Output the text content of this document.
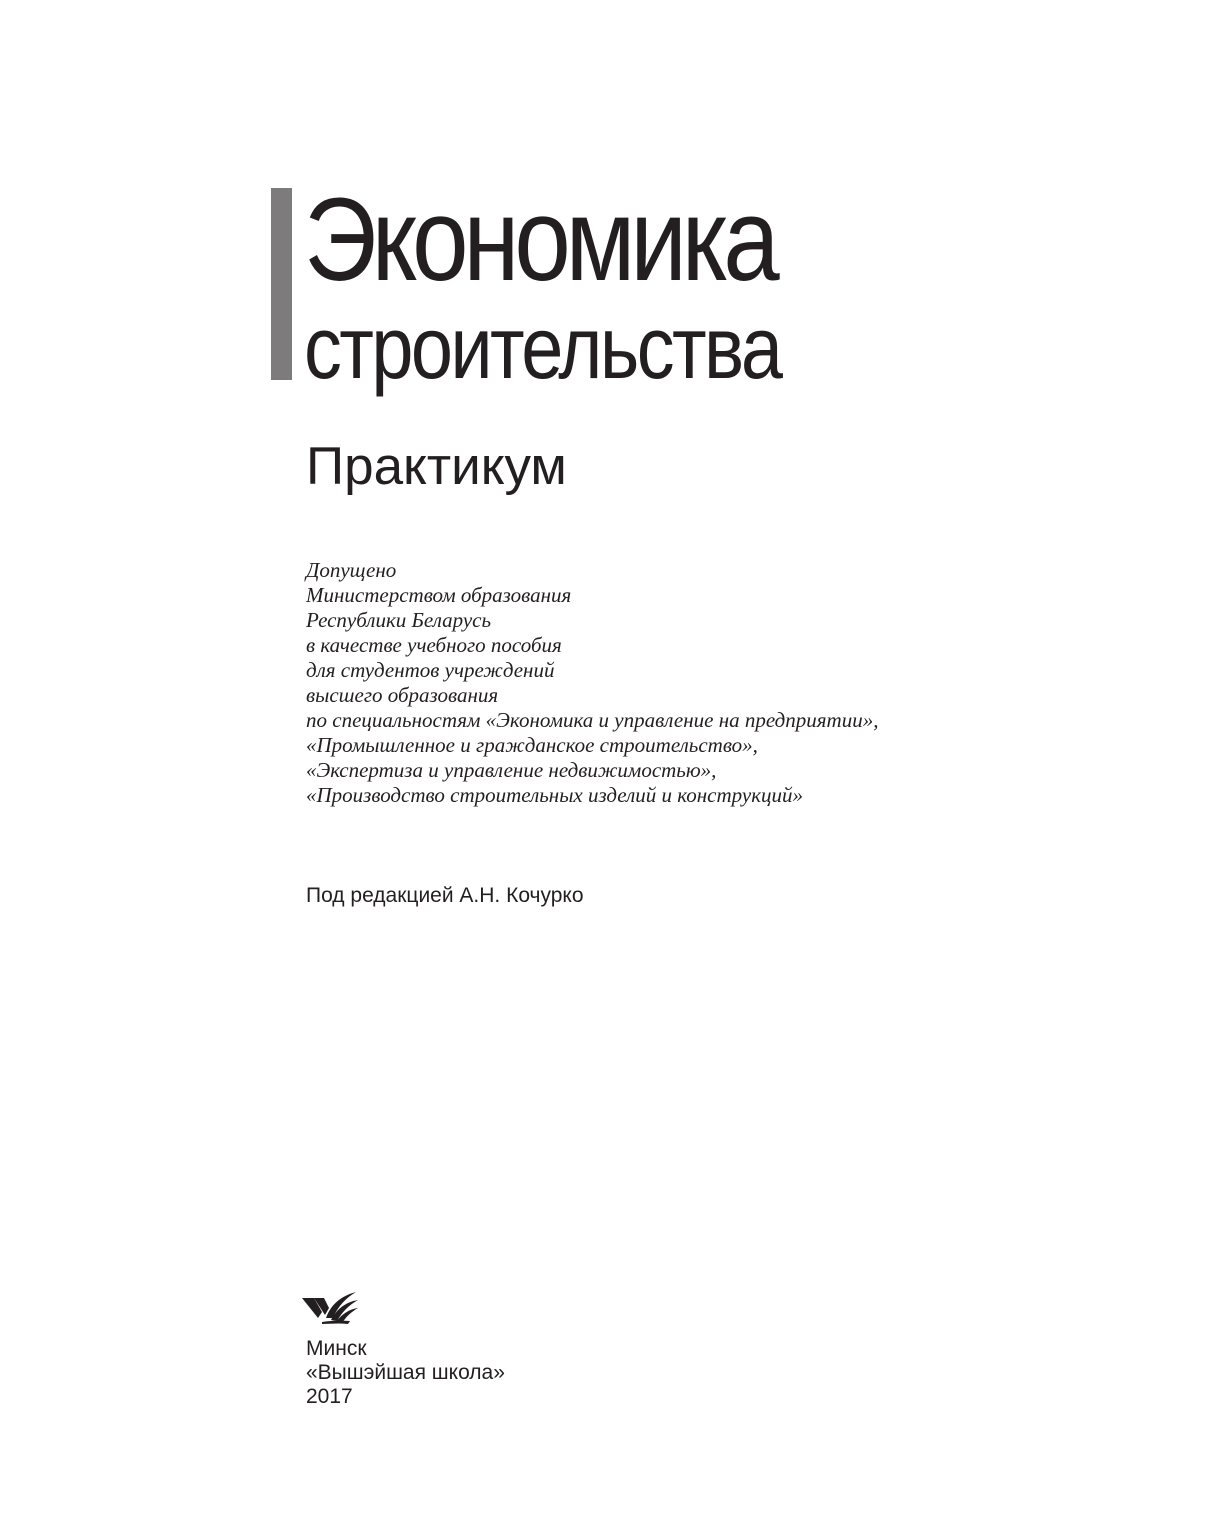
Экономика
строительства
Практикум
Допущено
Министерством образования
Республики Беларусь
в качестве учебного пособия
для студентов учреждений
высшего образования
по специальностям «Экономика и управление на предприятии»,
«Промышленное и гражданское строительство»,
«Экспертиза и управление недвижимостью»,
«Производство строительных изделий и конструкций»
Под редакцией А.Н. Кочурко
Минск
«Вышэйшая школа»
2017
